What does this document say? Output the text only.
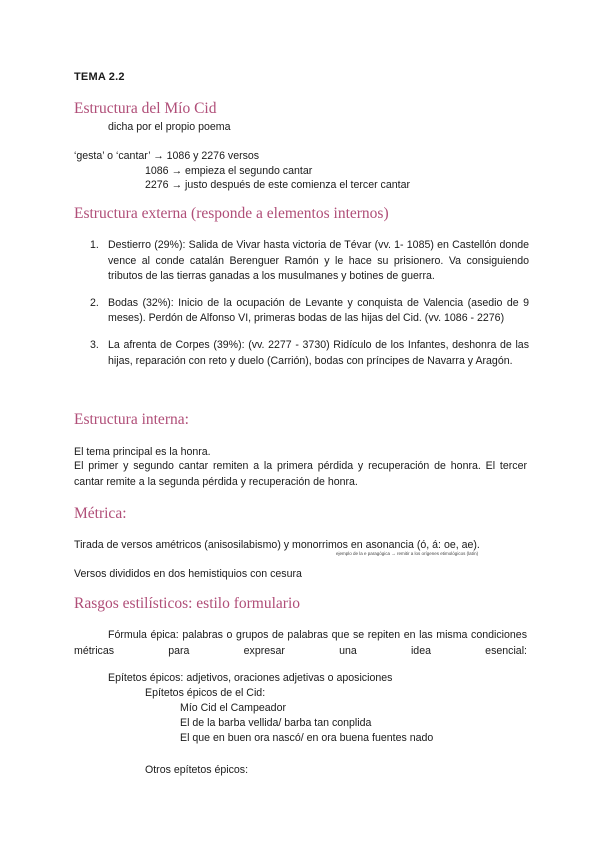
TEMA 2.2
Estructura del Mío Cid
dicha por el propio poema
‘gesta’ o ‘cantar’ → 1086 y 2276 versos
1086 → empieza el segundo cantar
2276 → justo después de este comienza el tercer cantar
Estructura externa (responde a elementos internos)
1. Destierro (29%): Salida de Vivar hasta victoria de Tévar (vv. 1- 1085) en Castellón donde vence al conde catalán Berenguer Ramón y le hace su prisionero. Va consiguiendo tributos de las tierras ganadas a los musulmanes y botines de guerra.
2. Bodas (32%): Inicio de la ocupación de Levante y conquista de Valencia (asedio de 9 meses). Perdón de Alfonso VI, primeras bodas de las hijas del Cid. (vv. 1086 - 2276)
3. La afrenta de Corpes (39%): (vv. 2277 - 3730) Ridículo de los Infantes, deshonra de las hijas, reparación con reto y duelo (Carrión), bodas con príncipes de Navarra y Aragón.
Estructura interna:
El tema principal es la honra.
El primer y segundo cantar remiten a la primera pérdida y recuperación de honra. El tercer cantar remite a la segunda pérdida y recuperación de honra.
Métrica:
Tirada de versos amétricos (anisosilabismo) y monorrimos en asonancia (ó, á: oe, ae).
ejemplo de la e paragógica → remitir a los orígenes etimológicos (latín)
Versos divididos en dos hemistiquios con cesura
Rasgos estilísticos: estilo formulario
Fórmula épica: palabras o grupos de palabras que se repiten en las misma condiciones métricas para expresar una idea esencial:
Epítetos épicos: adjetivos, oraciones adjetivas o aposiciones
Epítetos épicos de el Cid:
Mío Cid el Campeador
El de la barba vellida/ barba tan conplida
El que en buen ora nascó/ en ora buena fuentes nado
Otros epítetos épicos:
